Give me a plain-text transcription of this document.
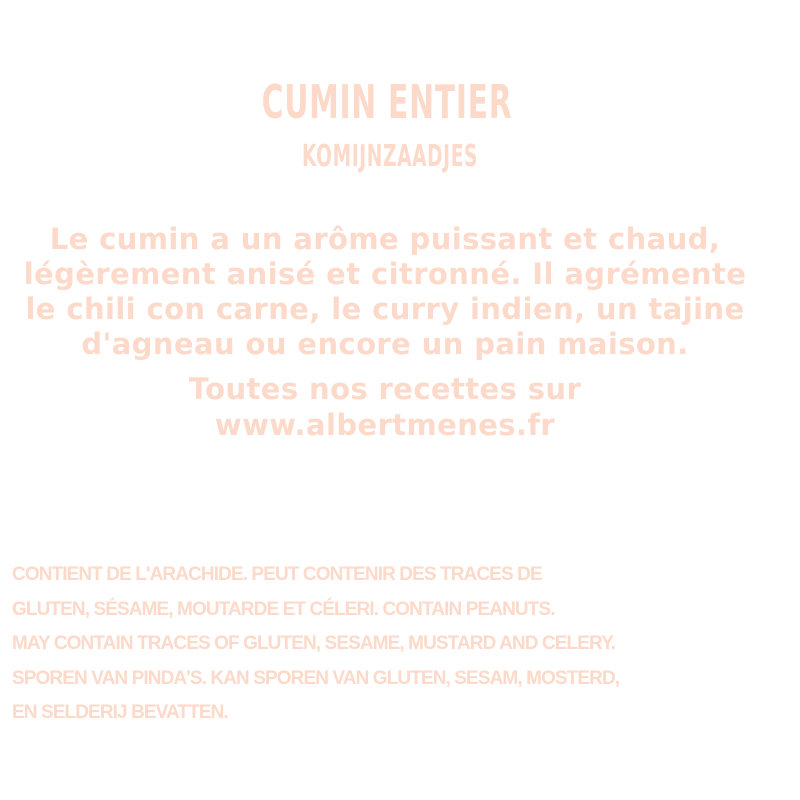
CUMIN ENTIER
KOMIJNZAADJES
Le cumin a un arôme puissant et chaud,
légèrement anisé et citronné. Il agrémente
le chili con carne, le curry indien, un tajine
d'agneau ou encore un pain maison.
Toutes nos recettes sur
www.albertmenes.fr
CONTIENT DE L'ARACHIDE. PEUT CONTENIR DES TRACES DE
GLUTEN, SÉSAME, MOUTARDE ET CÉLERI. CONTAIN PEANUTS.
MAY CONTAIN TRACES OF GLUTEN, SESAME, MUSTARD AND CELERY.
SPOREN VAN PINDA'S. KAN SPOREN VAN GLUTEN, SESAM, MOSTERD,
EN SELDERIJ BEVATTEN.
